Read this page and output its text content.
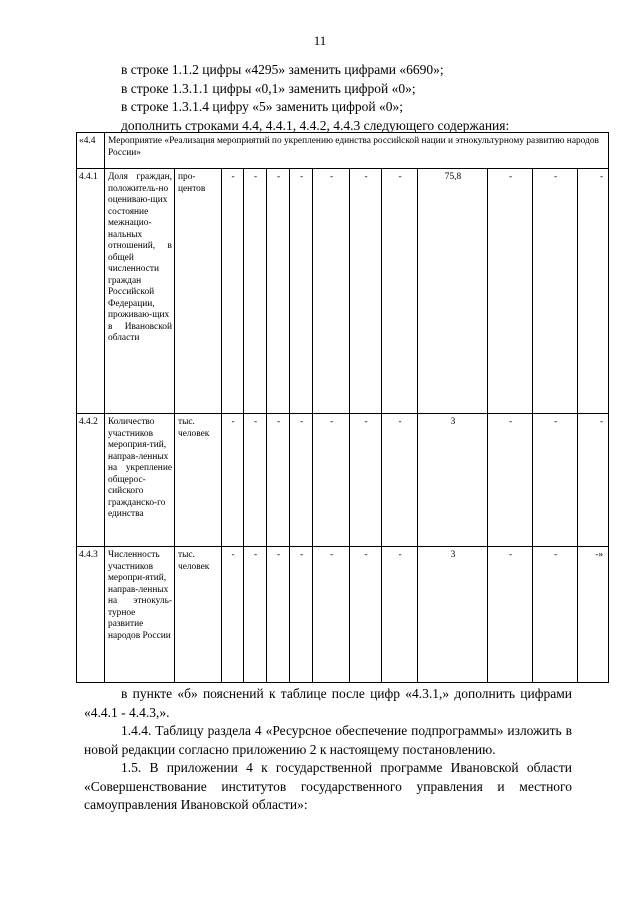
11
в строке 1.1.2 цифры «4295» заменить цифрами «6690»;
в строке 1.3.1.1 цифры «0,1» заменить цифрой «0»;
в строке 1.3.1.4 цифру «5» заменить цифрой «0»;
дополнить строками 4.4, 4.4.1, 4.4.2, 4.4.3 следующего содержания:
«4.4	Мероприятие «Реализация мероприятий по укреплению единства российской нации и этнокультурному развитию народов России»												
4.4.1	Доля граждан, положитель-но оцениваю-щих состояние межнацио-нальных отношений, в общей численности граждан Российской Федерации, проживаю-щих в Ивановской области	про-центов	-	-	-	-	-	-	-	75,8	-	-	-
4.4.2	Количество участников мероприя-тий, направ-ленных на укрепление общерос-сийского гражданско-го единства	тыс. человек	-	-	-	-	-	-	-	3	-	-	-
4.4.3	Численность участников меропри-ятий, направ-ленных на этнокуль-турное развитие народов России	тыс. человек	-	-	-	-	-	-	-	3	-	-	-»

в пункте «б» пояснений к таблице после цифр «4.3.1,» дополнить цифрами «4.4.1 - 4.4.3,».

1.4.4. Таблицу раздела 4 «Ресурсное обеспечение подпрограммы» изложить в новой редакции согласно приложению 2 к настоящему постановлению.

1.5. В приложении 4 к государственной программе Ивановской области «Совершенствование институтов государственного управления и местного самоуправления Ивановской области»:
